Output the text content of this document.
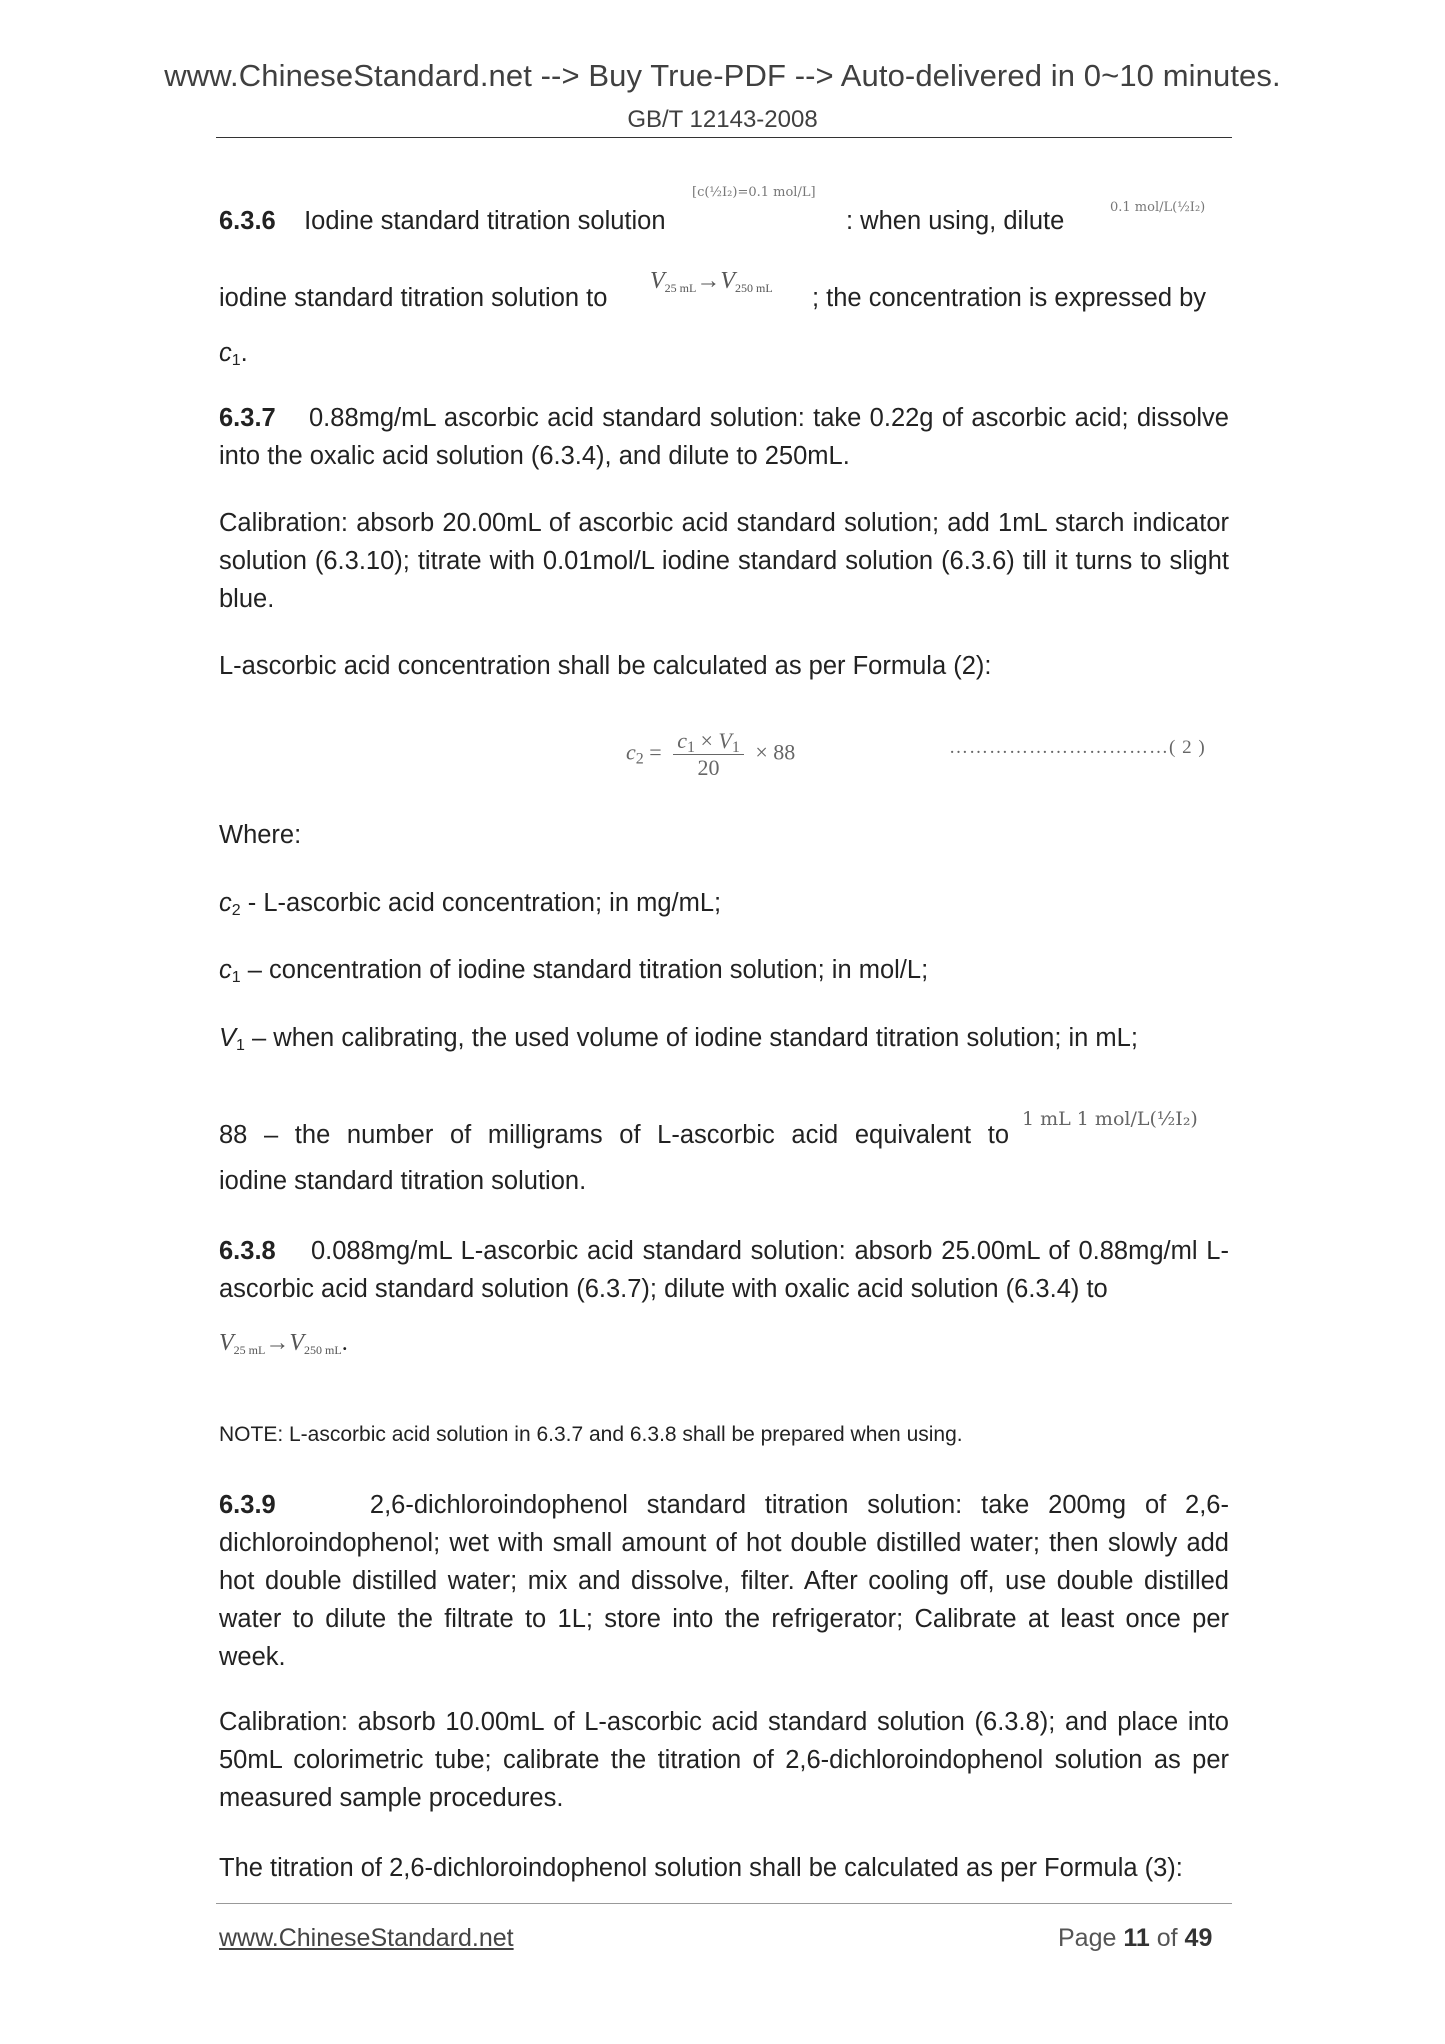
www.ChineseStandard.net --> Buy True-PDF --> Auto-delivered in 0~10 minutes.
GB/T 12143-2008
6.3.6 Iodine standard titration solution
[c(½I₂)=0.1 mol/L]
: when using, dilute	0.1 mol/L(½I₂)
iodine standard titration solution to
$V_{25 mL}\to V_{250 mL}$ ; the concentration is expressed by
$c_1$.
6.3.7 0.88mg/mL ascorbic acid standard solution: take 0.22g of ascorbic acid; dissolve into the oxalic acid solution (6.3.4), and dilute to 250mL.
Calibration: absorb 20.00mL of ascorbic acid standard solution; add 1mL starch indicator solution (6.3.10); titrate with 0.01mol/L iodine standard solution (6.3.6) till it turns to slight blue.
L-ascorbic acid concentration shall be calculated as per Formula (2):
$c_2 = \frac{c_1 \times V_1}{20} \times 88$	……………………………( 2 )
Where:
$c_2$ - L-ascorbic acid concentration; in mg/mL;
$c_1$ – concentration of iodine standard titration solution; in mol/L;
$V_1$ – when calibrating, the used volume of iodine standard titration solution; in mL;
88 – the number of milligrams of L-ascorbic acid equivalent to
1 mL 1 mol/L(½I₂)
iodine standard titration solution.
6.3.8 0.088mg/mL L-ascorbic acid standard solution: absorb 25.00mL of 0.88mg/ml L-ascorbic acid standard solution (6.3.7); dilute with oxalic acid solution (6.3.4) to
$V_{25 mL}\to V_{250 mL}$.
NOTE: L-ascorbic acid solution in 6.3.7 and 6.3.8 shall be prepared when using.
6.3.9	2,6-dichloroindophenol standard titration solution: take 200mg of 2,6-dichloroindophenol; wet with small amount of hot double distilled water; then slowly add hot double distilled water; mix and dissolve, filter. After cooling off, use double distilled water to dilute the filtrate to 1L; store into the refrigerator; Calibrate at least once per week.
Calibration: absorb 10.00mL of L-ascorbic acid standard solution (6.3.8); and place into 50mL colorimetric tube; calibrate the titration of 2,6-dichloroindophenol solution as per measured sample procedures.
The titration of 2,6-dichloroindophenol solution shall be calculated as per Formula (3):
www.ChineseStandard.net	Page 11 of 49
